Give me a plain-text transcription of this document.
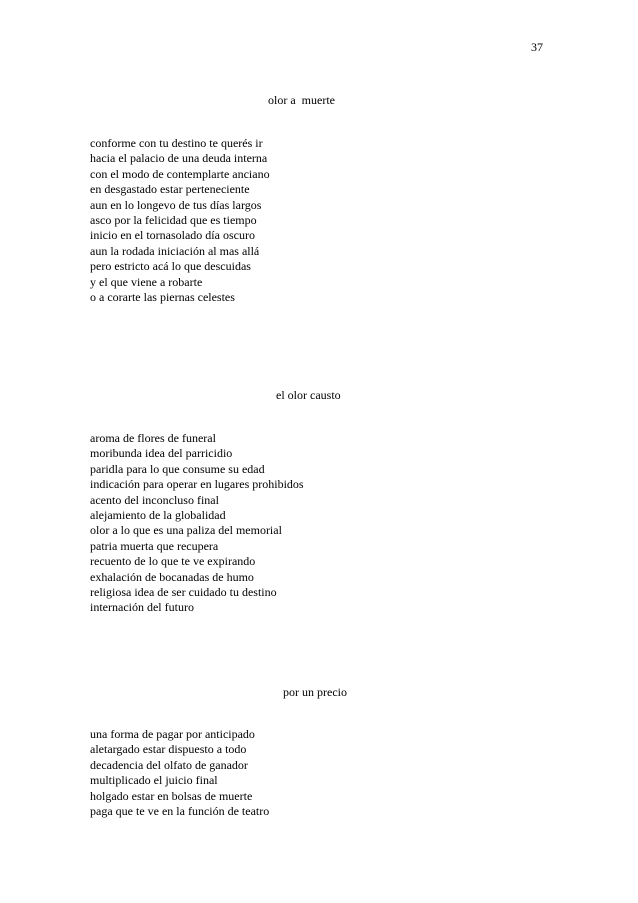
37
olor a  muerte
conforme con tu destino te querés ir
hacia el palacio de una deuda interna
con el modo de contemplarte anciano
en desgastado estar perteneciente
aun en lo longevo de tus días largos
asco por la felicidad que es tiempo
inicio en el tornasolado día oscuro
aun la rodada iniciación al mas allá
pero estricto acá lo que descuidas
y el que viene a robarte
o a corarte las piernas celestes
el olor causto
aroma de flores de funeral
moribunda idea del parricidio
paridla para lo que consume su edad
indicación para operar en lugares prohibidos
acento del inconcluso final
alejamiento de la globalidad
olor a lo que es una paliza del memorial
patria muerta que recupera
recuento de lo que te ve expirando
exhalación de bocanadas de humo
religiosa idea de ser cuidado tu destino
internación del futuro
por un precio
una forma de pagar por anticipado
aletargado estar dispuesto a todo
decadencia del olfato de ganador
multiplicado el juicio final
holgado estar en bolsas de muerte
paga que te ve en la función de teatro
